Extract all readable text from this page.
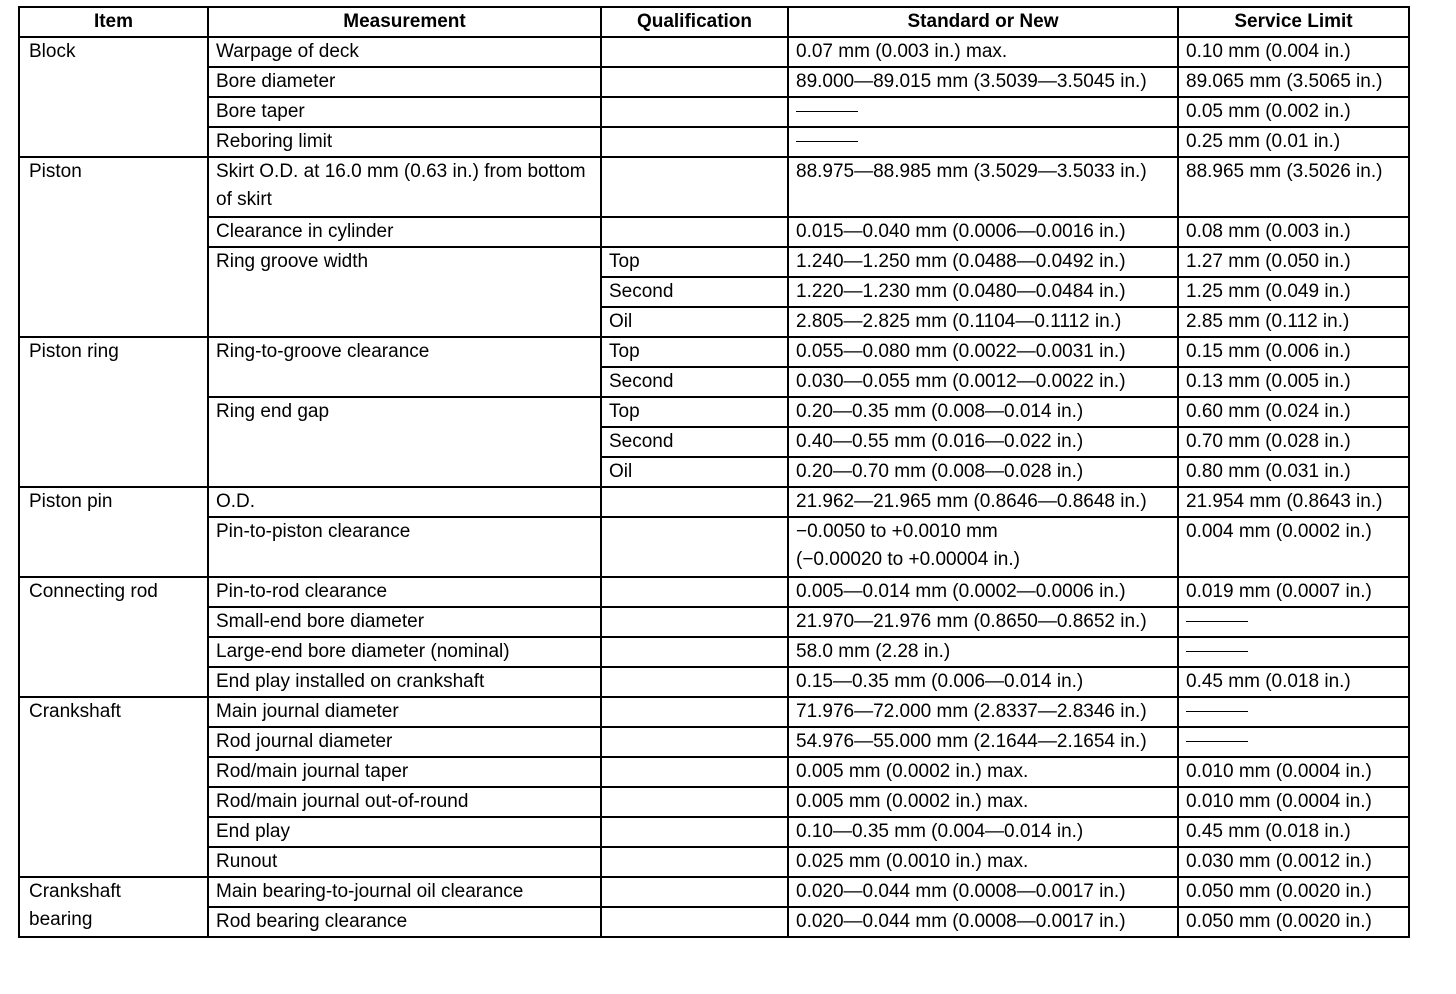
Item	Measurement	Qualification	Standard or New	Service Limit
Block	Warpage of deck		0.07 mm (0.003 in.) max.	0.10 mm (0.004 in.)
	Bore diameter		89.000—89.015 mm (3.5039—3.5045 in.)	89.065 mm (3.5065 in.)
	Bore taper			0.05 mm (0.002 in.)
	Reboring limit			0.25 mm (0.01 in.)
Piston	Skirt O.D. at 16.0 mm (0.63 in.) from bottom of skirt		88.975—88.985 mm (3.5029—3.5033 in.)	88.965 mm (3.5026 in.)
	Clearance in cylinder		0.015—0.040 mm (0.0006—0.0016 in.)	0.08 mm (0.003 in.)
	Ring groove width	Top	1.240—1.250 mm (0.0488—0.0492 in.)	1.27 mm (0.050 in.)
		Second	1.220—1.230 mm (0.0480—0.0484 in.)	1.25 mm (0.049 in.)
		Oil	2.805—2.825 mm (0.1104—0.1112 in.)	2.85 mm (0.112 in.)
Piston ring	Ring-to-groove clearance	Top	0.055—0.080 mm (0.0022—0.0031 in.)	0.15 mm (0.006 in.)
		Second	0.030—0.055 mm (0.0012—0.0022 in.)	0.13 mm (0.005 in.)
	Ring end gap	Top	0.20—0.35 mm (0.008—0.014 in.)	0.60 mm (0.024 in.)
		Second	0.40—0.55 mm (0.016—0.022 in.)	0.70 mm (0.028 in.)
		Oil	0.20—0.70 mm (0.008—0.028 in.)	0.80 mm (0.031 in.)
Piston pin	O.D.		21.962—21.965 mm (0.8646—0.8648 in.)	21.954 mm (0.8643 in.)
	Pin-to-piston clearance		−0.0050 to +0.0010 mm
(−0.00020 to +0.00004 in.)	0.004 mm (0.0002 in.)
Connecting rod	Pin-to-rod clearance		0.005—0.014 mm (0.0002—0.0006 in.)	0.019 mm (0.0007 in.)
	Small-end bore diameter		21.970—21.976 mm (0.8650—0.8652 in.)	
	Large-end bore diameter (nominal)		58.0 mm (2.28 in.)	
	End play installed on crankshaft		0.15—0.35 mm (0.006—0.014 in.)	0.45 mm (0.018 in.)
Crankshaft	Main journal diameter		71.976—72.000 mm (2.8337—2.8346 in.)	
	Rod journal diameter		54.976—55.000 mm (2.1644—2.1654 in.)	
	Rod/main journal taper		0.005 mm (0.0002 in.) max.	0.010 mm (0.0004 in.)
	Rod/main journal out-of-round		0.005 mm (0.0002 in.) max.	0.010 mm (0.0004 in.)
	End play		0.10—0.35 mm (0.004—0.014 in.)	0.45 mm (0.018 in.)
	Runout		0.025 mm (0.0010 in.) max.	0.030 mm (0.0012 in.)

Crankshaft
bearing	Main bearing-to-journal oil clearance		0.020—0.044 mm (0.0008—0.0017 in.)	0.050 mm (0.0020 in.)
	Rod bearing clearance		0.020—0.044 mm (0.0008—0.0017 in.)	0.050 mm (0.0020 in.)
